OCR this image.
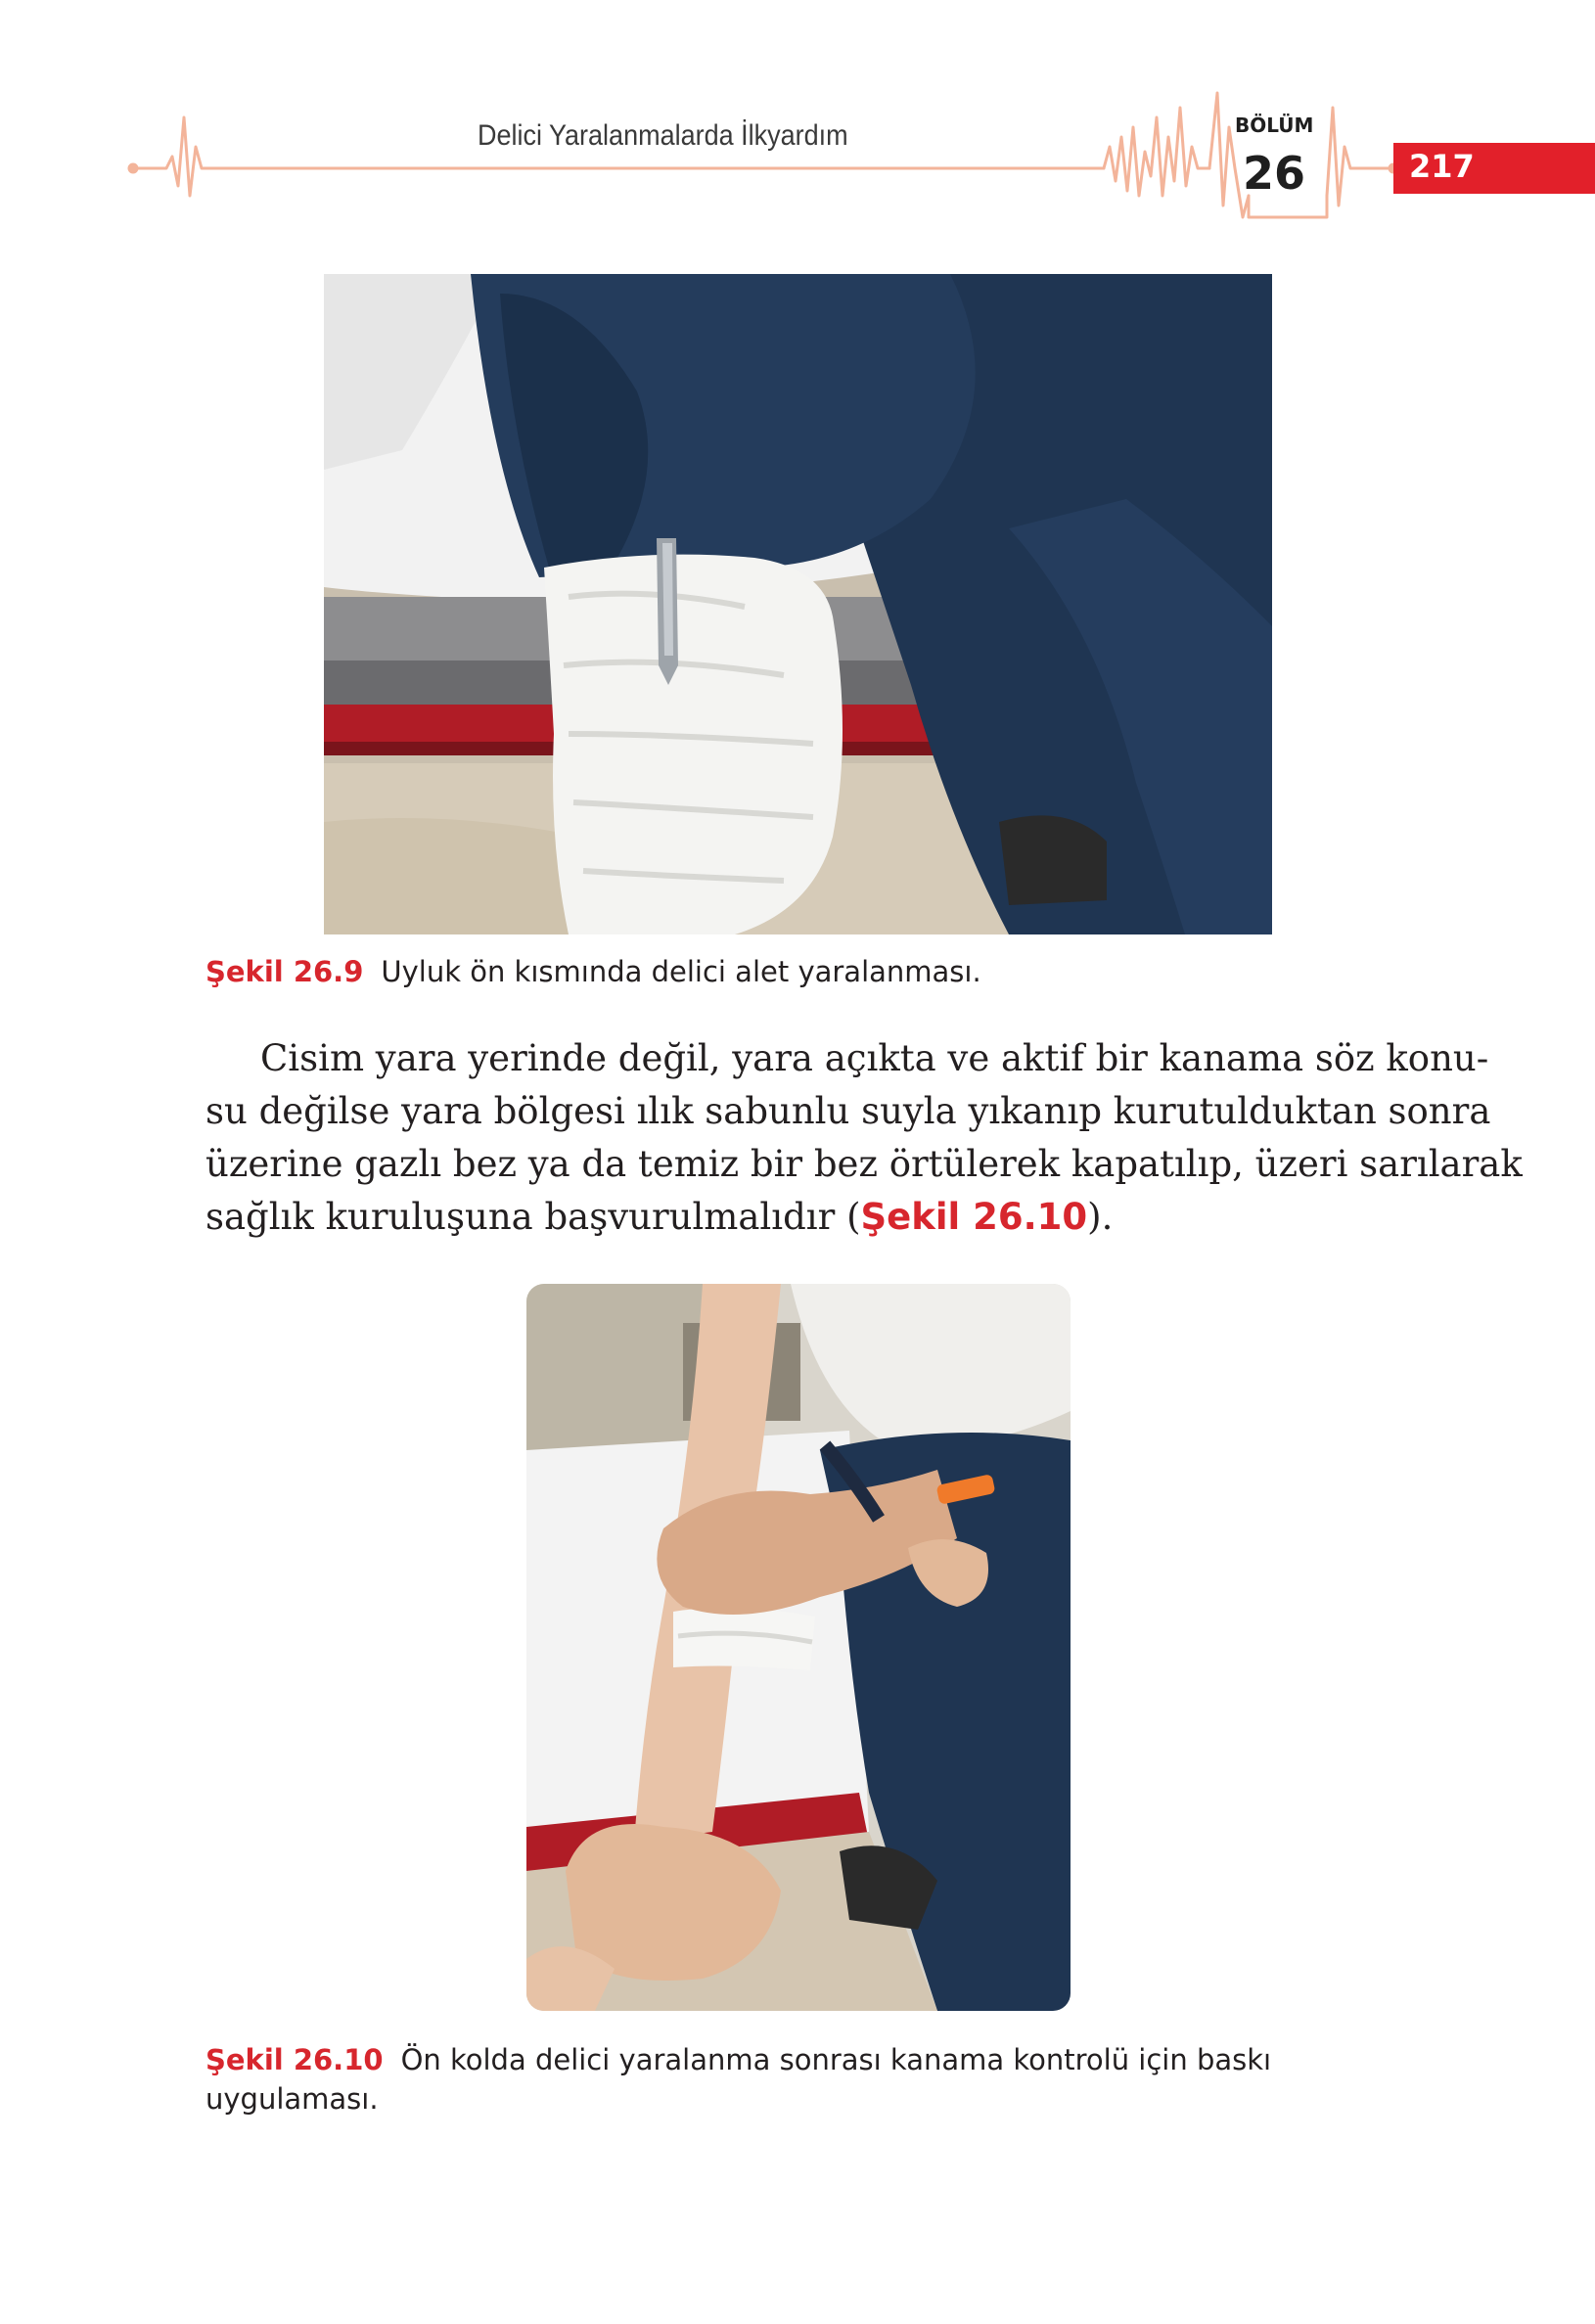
Delici Yaralanmalarda İlkyardım	BÖLÜM
26	217
Şekil 26.9 Uyluk ön kısmında delici alet yaralanması.
Cisim yara yerinde değil, yara açıkta ve aktif bir kanama söz konu-
su değilse yara bölgesi ılık sabunlu suyla yıkanıp kurutulduktan sonra
üzerine gazlı bez ya da temiz bir bez örtülerek kapatılıp, üzeri sarılarak
sağlık kuruluşuna başvurulmalıdır (Şekil 26.10).
Şekil 26.10 Ön kolda delici yaralanma sonrası kanama kontrolü için baskı uygulaması.
